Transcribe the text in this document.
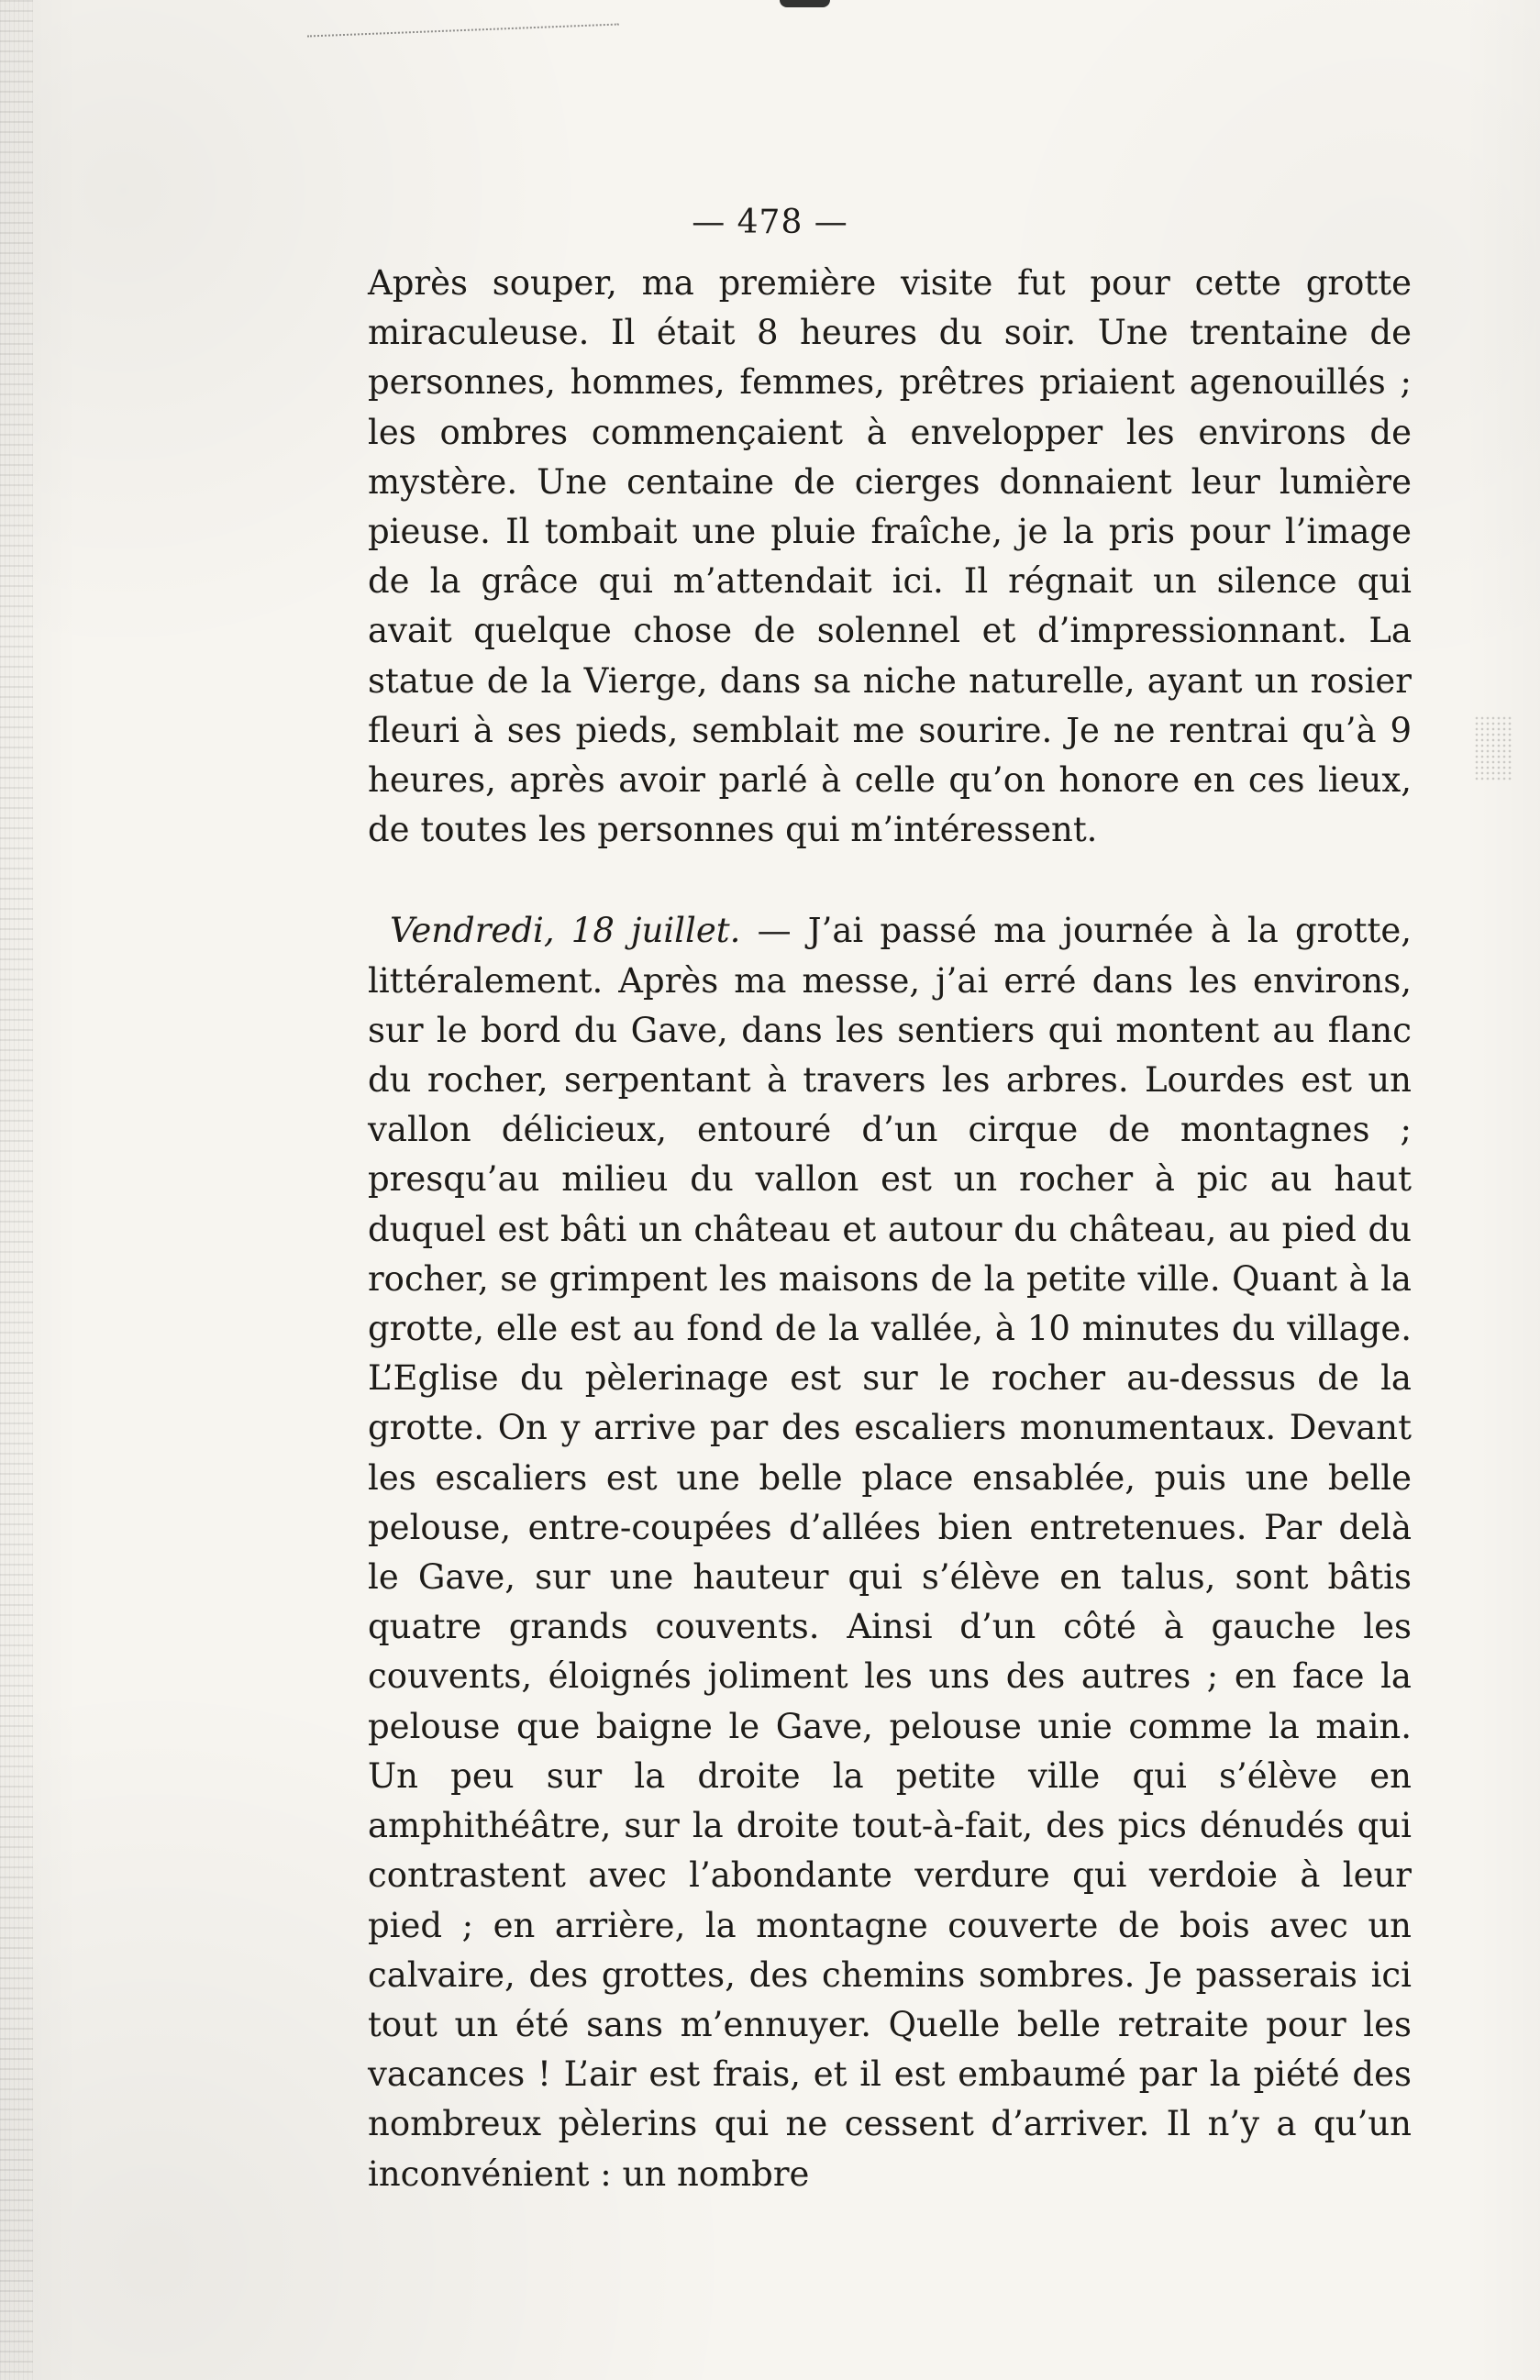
— 478 —

Après souper, ma première visite fut pour cette grotte miraculeuse. Il était 8 heures du soir. Une trentaine de personnes, hommes, femmes, prêtres priaient agenouillés ; les ombres commençaient à envelopper les environs de mystère. Une centaine de cierges donnaient leur lumière pieuse. Il tombait une pluie fraîche, je la pris pour l’image de la grâce qui m’attendait ici. Il régnait un silence qui avait quelque chose de solennel et d’impressionnant. La statue de la Vierge, dans sa niche naturelle, ayant un rosier fleuri à ses pieds, semblait me sourire. Je ne rentrai qu’à 9 heures, après avoir parlé à celle qu’on honore en ces lieux, de toutes les personnes qui m’intéressent.

Vendredi, 18 juillet. — J’ai passé ma journée à la grotte, littéralement. Après ma messe, j’ai erré dans les environs, sur le bord du Gave, dans les sentiers qui montent au flanc du rocher, serpentant à travers les arbres. Lourdes est un vallon délicieux, entouré d’un cirque de montagnes ; presqu’au milieu du vallon est un rocher à pic au haut duquel est bâti un château et autour du château, au pied du rocher, se grimpent les maisons de la petite ville. Quant à la grotte, elle est au fond de la vallée, à 10 minutes du village. L’Eglise du pèlerinage est sur le rocher au-dessus de la grotte. On y arrive par des escaliers monumentaux. Devant les escaliers est une belle place ensablée, puis une belle pelouse, entre-coupées d’allées bien entretenues. Par delà le Gave, sur une hauteur qui s’élève en talus, sont bâtis quatre grands couvents. Ainsi d’un côté à gauche les couvents, éloignés joliment les uns des autres ; en face la pelouse que baigne le Gave, pelouse unie comme la main. Un peu sur la droite la petite ville qui s’élève en amphithéâtre, sur la droite tout-à-fait, des pics dénudés qui contrastent avec l’abondante verdure qui verdoie à leur pied ; en arrière, la montagne couverte de bois avec un calvaire, des grottes, des chemins sombres. Je passerais ici tout un été sans m’ennuyer. Quelle belle retraite pour les vacances ! L’air est frais, et il est embaumé par la piété des nombreux pèlerins qui ne cessent d’arriver. Il n’y a qu’un inconvénient : un nombre
